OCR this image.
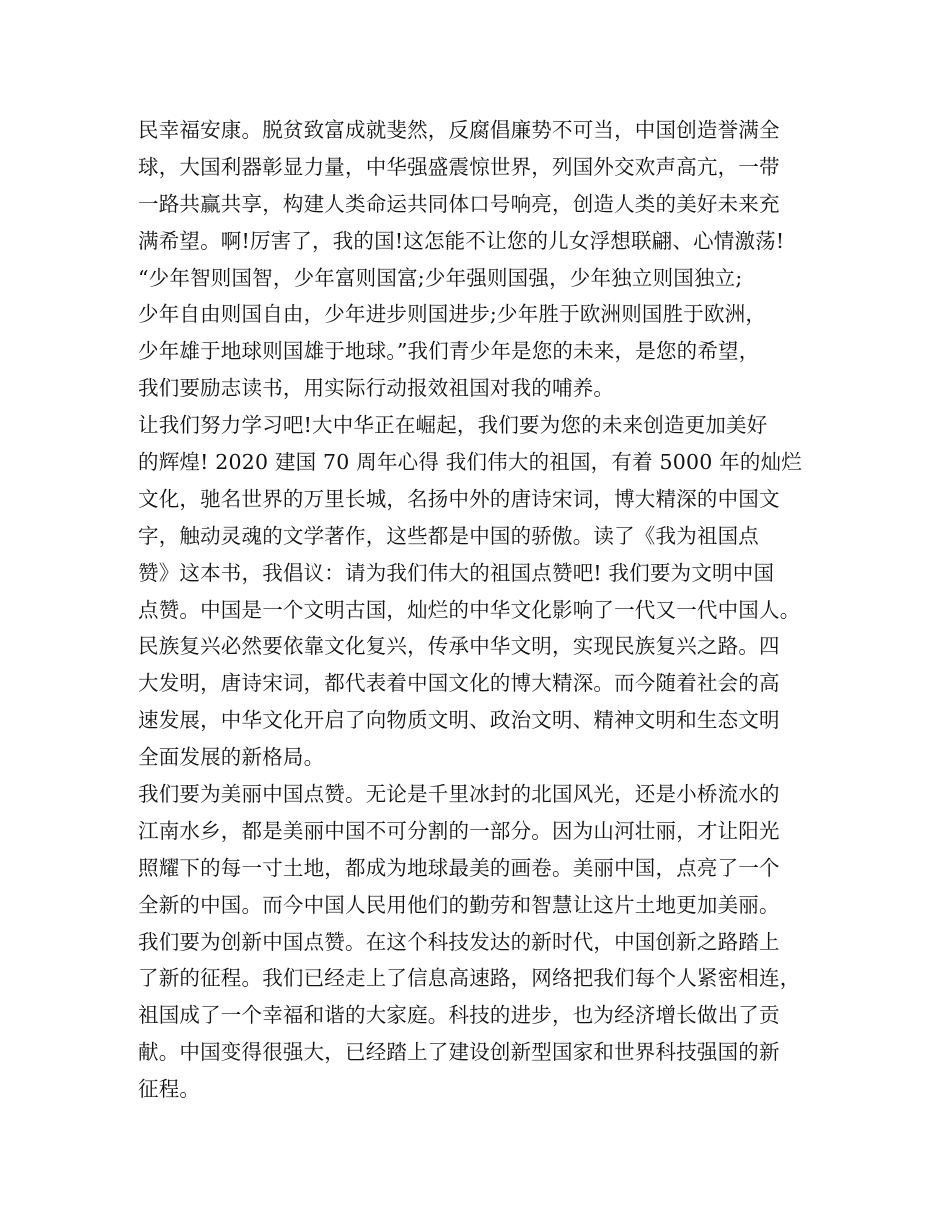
民幸福安康。脱贫致富成就斐然，反腐倡廉势不可当，中国创造誉满全
球，大国利器彰显力量，中华强盛震惊世界，列国外交欢声高亢，一带
一路共赢共享，构建人类命运共同体口号响亮，创造人类的美好未来充
满希望。啊!厉害了，我的国!这怎能不让您的儿女浮想联翩、心情激荡!
“少年智则国智，少年富则国富;少年强则国强，少年独立则国独立;
少年自由则国自由，少年进步则国进步;少年胜于欧洲则国胜于欧洲，
少年雄于地球则国雄于地球。”我们青少年是您的未来，是您的希望，
我们要励志读书，用实际行动报效祖国对我的哺养。
让我们努力学习吧!大中华正在崛起，我们要为您的未来创造更加美好
的辉煌! 2020 建国 70 周年心得 我们伟大的祖国，有着 5000 年的灿烂
文化，驰名世界的万里长城，名扬中外的唐诗宋词，博大精深的中国文
字，触动灵魂的文学著作，这些都是中国的骄傲。读了《我为祖国点
赞》这本书，我倡议：请为我们伟大的祖国点赞吧! 我们要为文明中国
点赞。中国是一个文明古国，灿烂的中华文化影响了一代又一代中国人。
民族复兴必然要依靠文化复兴，传承中华文明，实现民族复兴之路。四
大发明，唐诗宋词，都代表着中国文化的博大精深。而今随着社会的高
速发展，中华文化开启了向物质文明、政治文明、精神文明和生态文明
全面发展的新格局。
我们要为美丽中国点赞。无论是千里冰封的北国风光，还是小桥流水的
江南水乡，都是美丽中国不可分割的一部分。因为山河壮丽，才让阳光
照耀下的每一寸土地，都成为地球最美的画卷。美丽中国，点亮了一个
全新的中国。而今中国人民用他们的勤劳和智慧让这片土地更加美丽。
我们要为创新中国点赞。在这个科技发达的新时代，中国创新之路踏上
了新的征程。我们已经走上了信息高速路，网络把我们每个人紧密相连，
祖国成了一个幸福和谐的大家庭。科技的进步，也为经济增长做出了贡
献。中国变得很强大，已经踏上了建设创新型国家和世界科技强国的新
征程。
